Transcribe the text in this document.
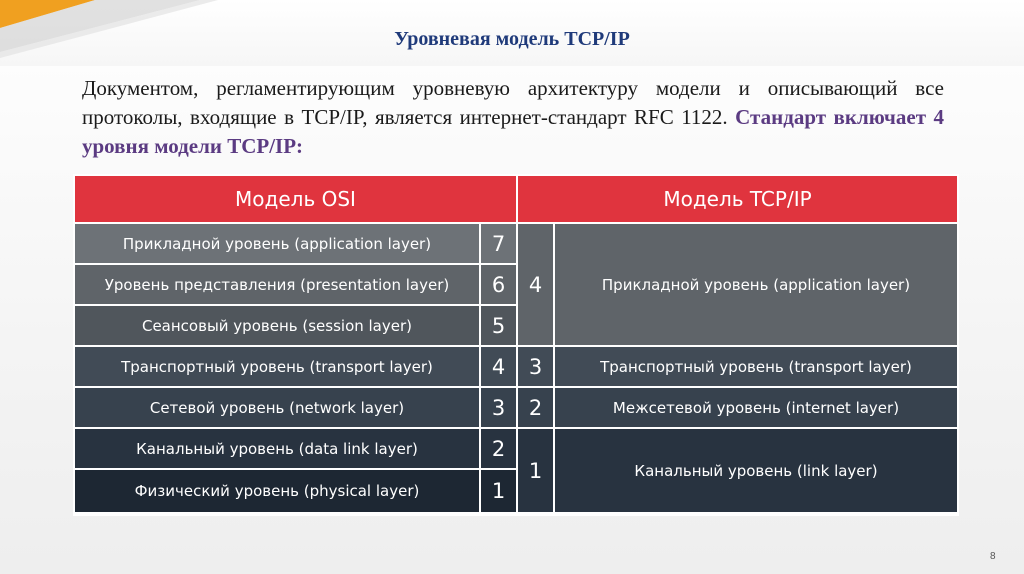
Уровневая модель TCP/IP
Документом, регламентирующим уровневую архитектуру модели и описывающий все протоколы, входящие в TCP/IP, является интернет-стандарт RFC 1122. Стандарт включает 4 уровня модели TCP/IP:
Модель OSI	Модель TCP/IP
Прикладной уровень (application layer)
Уровень представления (presentation layer)
Сеансовый уровень (session layer)
Транспортный уровень (transport layer)
Сетевой уровень (network layer)
Канальный уровень (data link layer)
Физический уровень (physical layer)
7
6
5
4
3
2
1
4
3
2
1
Прикладной уровень (application layer)
Транспортный уровень (transport layer)
Межсетевой уровень (internet layer)
Канальный уровень (link layer)
8
